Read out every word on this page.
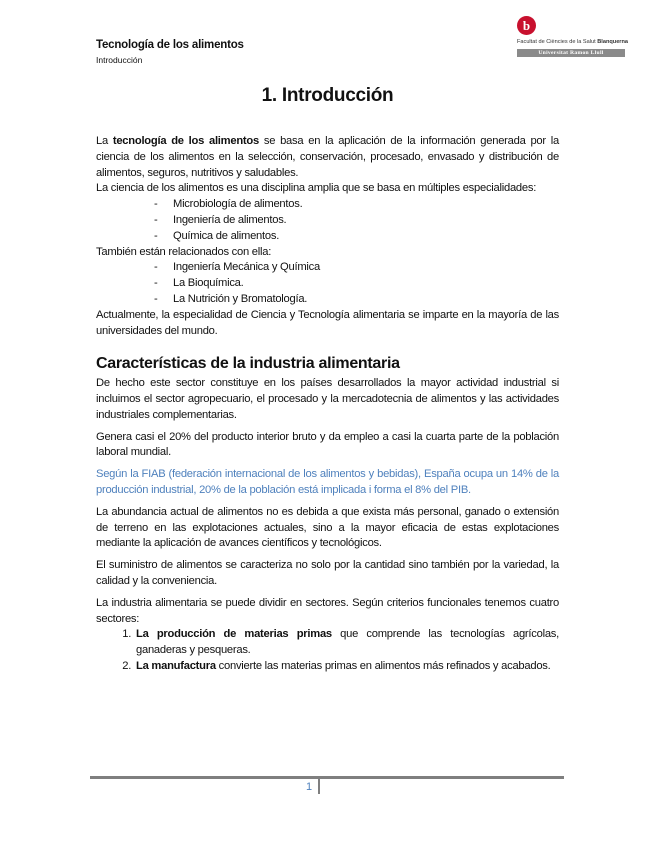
Tecnología de los alimentos
Introducción
b
Facultat de Ciències de la Salut Blanquerna
Universitat Ramon Llull
1. Introducción

La tecnología de los alimentos se basa en la aplicación de la información generada por la ciencia de los alimentos en la selección, conservación, procesado, envasado y distribución de alimentos, seguros, nutritivos y saludables.

La ciencia de los alimentos es una disciplina amplia que se basa en múltiples especialidades:

- Microbiología de alimentos.
- Ingeniería de alimentos.
- Química de alimentos.

También están relacionados con ella:

- Ingeniería Mecánica y Química
- La Bioquímica.
- La Nutrición y Bromatología.

Actualmente, la especialidad de Ciencia y Tecnología alimentaria se imparte en la mayoría de las universidades del mundo.

Características de la industria alimentaria

De hecho este sector constituye en los países desarrollados la mayor actividad industrial si incluimos el sector agropecuario, el procesado y la mercadotecnia de alimentos y las actividades industriales complementarias.

Genera casi el 20% del producto interior bruto y da empleo a casi la cuarta parte de la población laboral mundial.

Según la FIAB (federación internacional de los alimentos y bebidas), España ocupa un 14% de la producción industrial, 20% de la población está implicada i forma el 8% del PIB.

La abundancia actual de alimentos no es debida a que exista más personal, ganado o extensión de terreno en las explotaciones actuales, sino a la mayor eficacia de estas explotaciones mediante la aplicación de avances científicos y tecnológicos.

El suministro de alimentos se caracteriza no solo por la cantidad sino también por la variedad, la calidad y la conveniencia.

La industria alimentaria se puede dividir en sectores. Según criterios funcionales tenemos cuatro sectores:

1. La producción de materias primas que comprende las tecnologías agrícolas, ganaderas y pesqueras.
2. La manufactura convierte las materias primas en alimentos más refinados y acabados.
1
